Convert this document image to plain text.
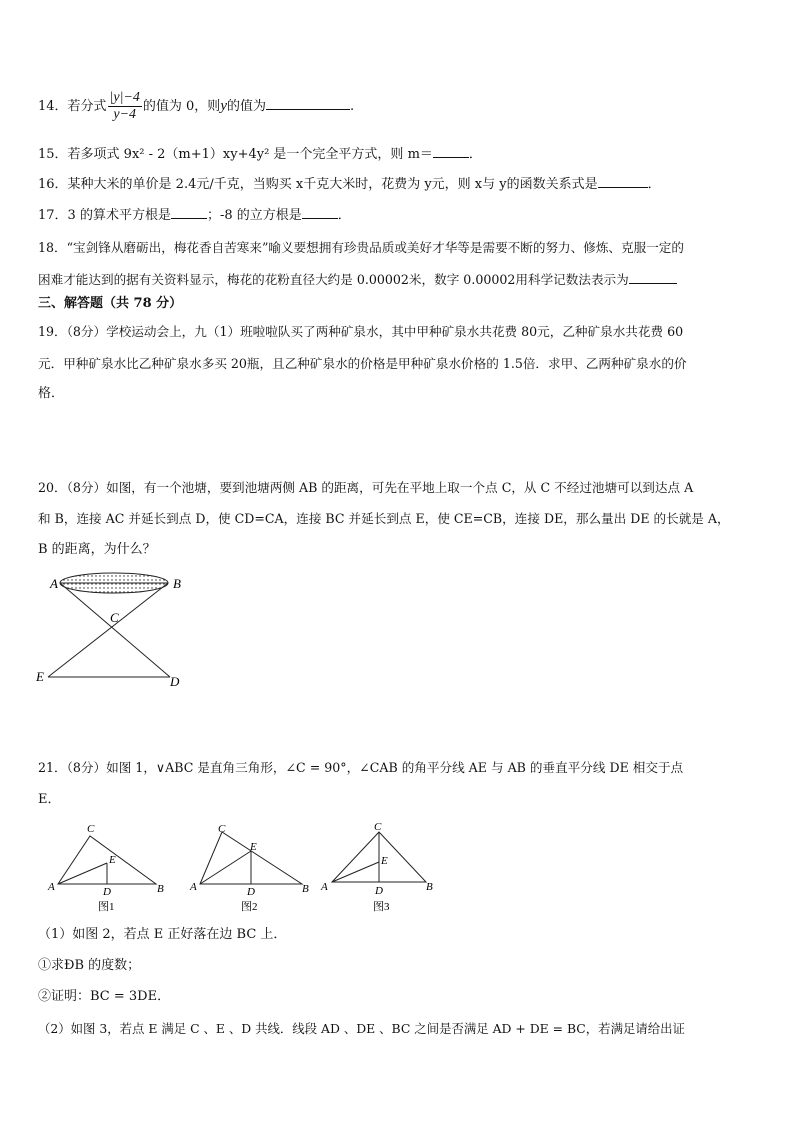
14．若分式 $\frac{|y|-4}{y-4}$ 的值为 0，则y的值为	.
15．若多项式 9x² - 2（m+1）xy+4y² 是一个完全平方式，则 m＝	．
16．某种大米的单价是 2.4元/千克，当购买 x千克大米时，花费为 y元，则 x与 y的函数关系式是	．
17．3 的算术平方根是	；-8 的立方根是	．
18．“宝剑锋从磨砺出，梅花香自苦寒来”喻义要想拥有珍贵品质或美好才华等是需要不断的努力、修炼、克服一定的
困难才能达到的据有关资料显示，梅花的花粉直径大约是 0.00002米，数字 0.00002用科学记数法表示为
三、解答题（共 78 分）
19．（8分）学校运动会上，九（1）班啦啦队买了两种矿泉水，其中甲种矿泉水共花费 80元，乙种矿泉水共花费 60
元．甲种矿泉水比乙种矿泉水多买 20瓶，且乙种矿泉水的价格是甲种矿泉水价格的 1.5倍．求甲、乙两种矿泉水的价
格．
20．（8分）如图，有一个池塘，要到池塘两侧 AB 的距离，可先在平地上取一个点 C，从 C 不经过池塘可以到达点 A
和 B，连接 AC 并延长到点 D，使 CD=CA，连接 BC 并延长到点 E，使 CE=CB，连接 DE，那么量出 DE 的长就是 A，
B 的距离，为什么？
A	B
C
E	D
21．（8分）如图 1，∨ABC 是直角三角形，∠C = 90°，∠CAB 的角平分线 AE 与 AB 的垂直平分线 DE 相交于点
E．
C
E
A	D	B
图1
C
E
A	D	B
图2
C
E
A	D	B
图3
（1）如图 2，若点 E 正好落在边 BC 上．
①求ÐB 的度数；
②证明：BC = 3DE．
（2）如图 3，若点 E 满足 C 、E 、D 共线．线段 AD 、DE 、BC 之间是否满足 AD + DE = BC，若满足请给出证
